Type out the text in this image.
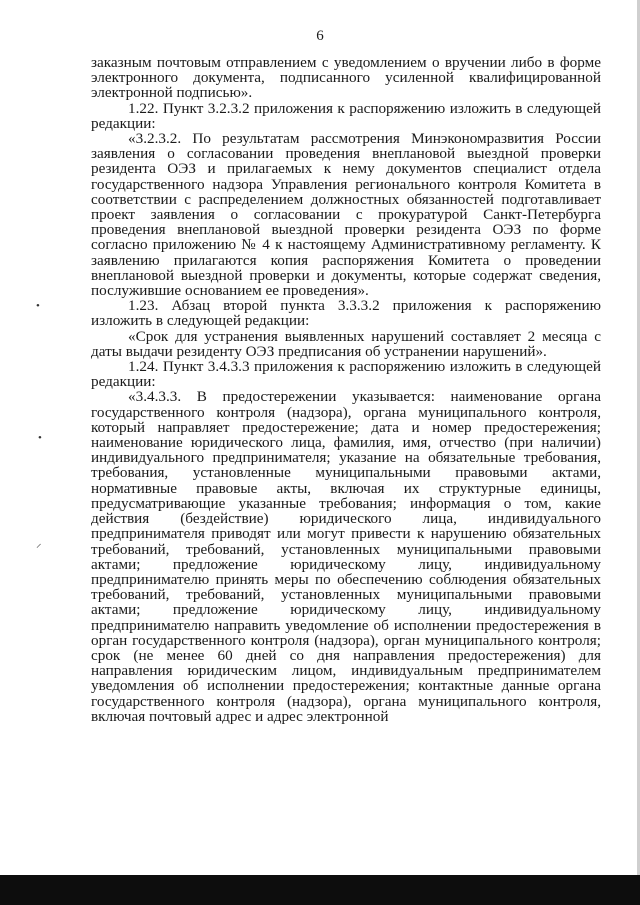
6
•
•
⸝

заказным почтовым отправлением с уведомлением о вручении либо в форме электронного документа, подписанного усиленной квалифицированной электронной подписью».

1.22. Пункт 3.2.3.2 приложения к распоряжению изложить в следующей редакции:

«3.2.3.2. По результатам рассмотрения Минэкономразвития России заявления о согласовании проведения внеплановой выездной проверки резидента ОЭЗ и прилагаемых к нему документов специалист отдела государственного надзора Управления регионального контроля Комитета в соответствии с распределением должностных обязанностей подготавливает проект заявления о согласовании с прокуратурой Санкт-Петербурга проведения внеплановой выездной проверки резидента ОЭЗ по форме согласно приложению № 4 к настоящему Административному регламенту. К заявлению прилагаются копия распоряжения Комитета о проведении внеплановой выездной проверки и документы, которые содержат сведения, послужившие основанием ее проведения».

1.23. Абзац второй пункта 3.3.3.2 приложения к распоряжению изложить в следующей редакции:

«Срок для устранения выявленных нарушений составляет 2 месяца с даты выдачи резиденту ОЭЗ предписания об устранении нарушений».

1.24. Пункт 3.4.3.3 приложения к распоряжению изложить в следующей редакции:

«3.4.3.3. В предостережении указывается: наименование органа государственного контроля (надзора), органа муниципального контроля, который направляет предостережение; дата и номер предостережения; наименование юридического лица, фамилия, имя, отчество (при наличии) индивидуального предпринимателя; указание на обязательные требования, требования, установленные муниципальными правовыми актами, нормативные правовые акты, включая их структурные единицы, предусматривающие указанные требования; информация о том, какие действия (бездействие) юридического лица, индивидуального предпринимателя приводят или могут привести к нарушению обязательных требований, требований, установленных муниципальными правовыми актами; предложение юридическому лицу, индивидуальному предпринимателю принять меры по обеспечению соблюдения обязательных требований, требований, установленных муниципальными правовыми актами; предложение юридическому лицу, индивидуальному предпринимателю направить уведомление об исполнении предостережения в орган государственного контроля (надзора), орган муниципального контроля; срок (не менее 60 дней со дня направления предостережения) для направления юридическим лицом, индивидуальным предпринимателем уведомления об исполнении предостережения; контактные данные органа государственного контроля (надзора), органа муниципального контроля, включая почтовый адрес и адрес электронной
